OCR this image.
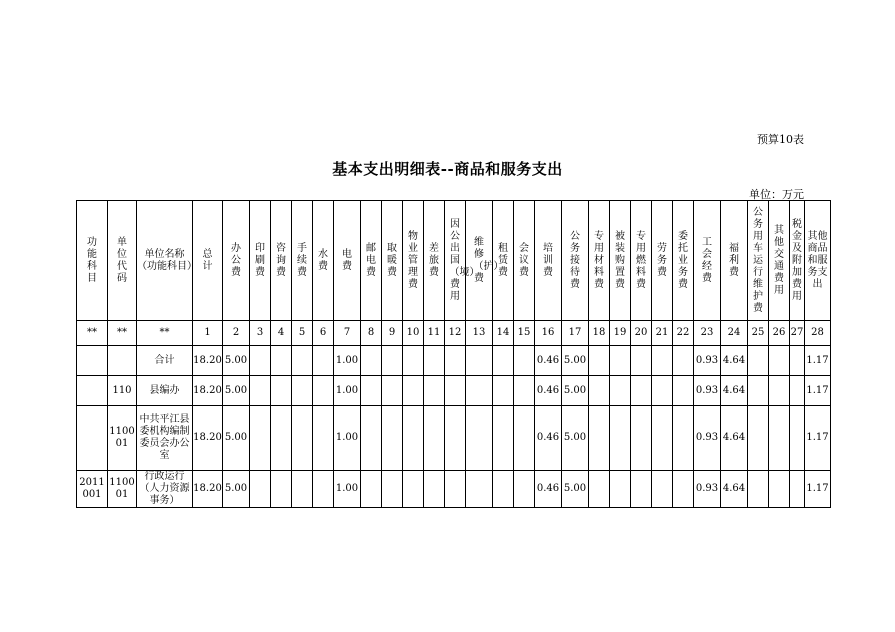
预算10表
基本支出明细表--商品和服务支出
单位：万元
功能科目	单位代码	单位名称（功能科目）	总计	办公费	印刷费	咨询费	手续费	水费	电费	邮电费	取暖费	物业管理费	差旅费	因公出国（境）费用	维修（护）费	租赁费	会议费	培训费	公务接待费	专用材料费	被装购置费	专用燃料费	劳务费	委托业务费	工会经费	福利费	公务用车运行维护费	其他交通费用	税金及附加费用	其他商品和服务支出
**	**	**	1	2	3	4	5	6	7	8	9	10	11	12	13	14	15	16	17	18	19	20	21	22	23	24	25	26	27	28
		合计	18.20	5.00					1.00									0.46	5.00						0.93	4.64				1.17
	110	县编办	18.20	5.00					1.00									0.46	5.00						0.93	4.64				1.17
	110001	中共平江县委机构编制委员会办公室	18.20	5.00					1.00									0.46	5.00						0.93	4.64				1.17
2011001	110001	行政运行（人力资源事务）	18.20	5.00					1.00									0.46	5.00						0.93	4.64				1.17
